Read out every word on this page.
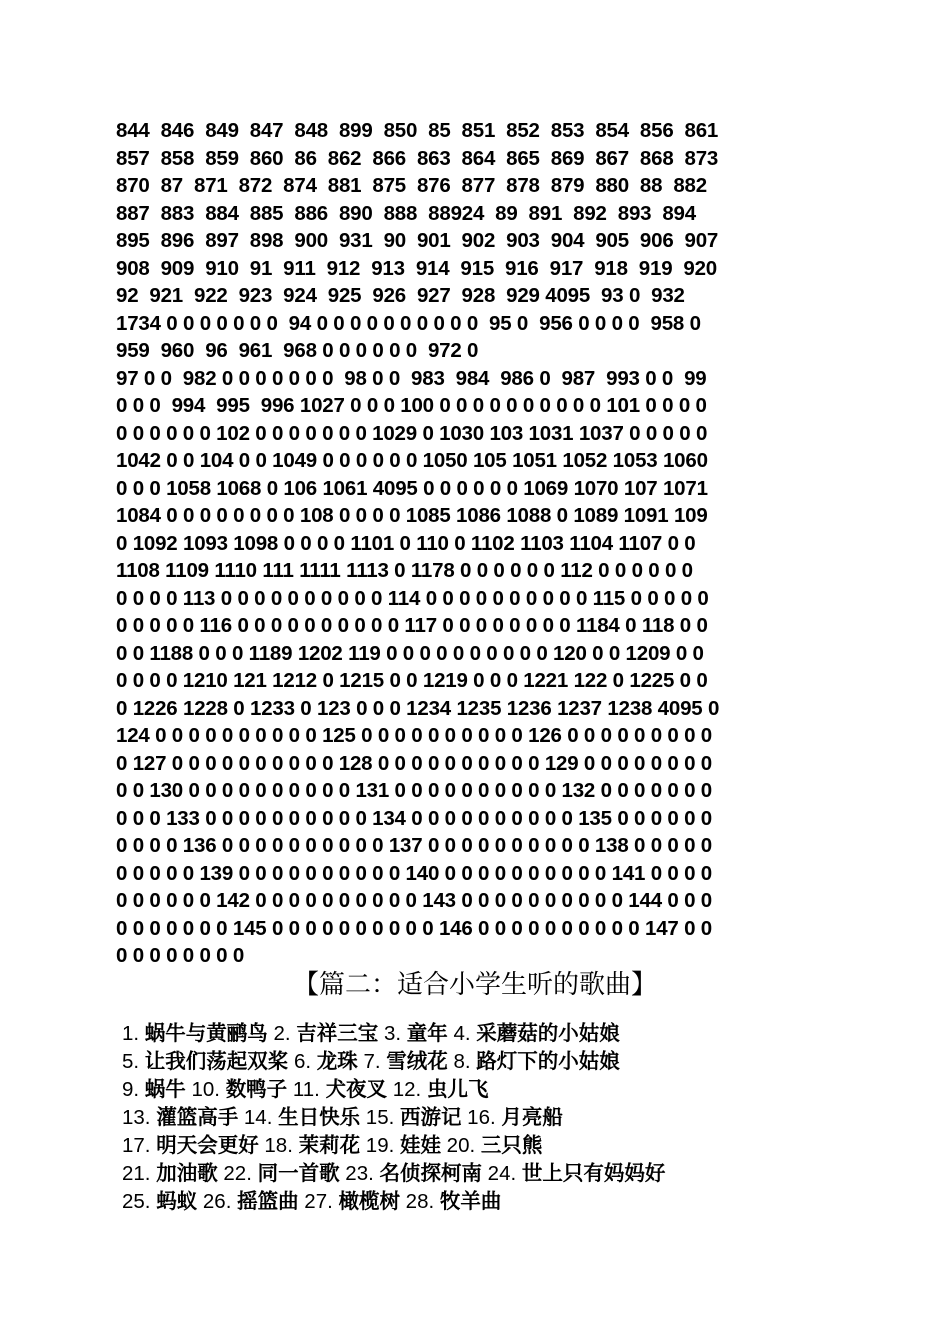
844  846  849  847  848  899  850  85  851  852  853  854  856  861
857  858  859  860  86  862  866  863  864  865  869  867  868  873
870  87  871  872  874  881  875  876  877  878  879  880  88  882
887  883  884  885  886  890  888  88924  89  891  892  893  894
895  896  897  898  900  931  90  901  902  903  904  905  906  907
908  909  910  91  911  912  913  914  915  916  917  918  919  920
92  921  922  923  924  925  926  927  928  929 4095  93 0  932
1734 0 0 0 0 0 0 0  94 0 0 0 0 0 0 0 0 0 0  95 0  956 0 0 0 0  958 0
959  960  96  961  968 0 0 0 0 0 0  972 0
97 0 0  982 0 0 0 0 0 0 0  98 0 0  983  984  986 0  987  993 0 0  99
0 0 0  994  995  996 1027 0 0 0 100 0 0 0 0 0 0 0 0 0 0 101 0 0 0 0
0 0 0 0 0 0 102 0 0 0 0 0 0 0 1029 0 1030 103 1031 1037 0 0 0 0 0
1042 0 0 104 0 0 1049 0 0 0 0 0 0 1050 105 1051 1052 1053 1060
0 0 0 1058 1068 0 106 1061 4095 0 0 0 0 0 0 1069 1070 107 1071
1084 0 0 0 0 0 0 0 0 108 0 0 0 0 1085 1086 1088 0 1089 1091 109
0 1092 1093 1098 0 0 0 0 1101 0 110 0 1102 1103 1104 1107 0 0
1108 1109 1110 111 1111 1113 0 1178 0 0 0 0 0 0 112 0 0 0 0 0 0
0 0 0 0 113 0 0 0 0 0 0 0 0 0 0 114 0 0 0 0 0 0 0 0 0 0 115 0 0 0 0 0
0 0 0 0 0 116 0 0 0 0 0 0 0 0 0 0 117 0 0 0 0 0 0 0 0 1184 0 118 0 0
0 0 1188 0 0 0 1189 1202 119 0 0 0 0 0 0 0 0 0 0 120 0 0 1209 0 0
0 0 0 0 1210 121 1212 0 1215 0 0 1219 0 0 0 1221 122 0 1225 0 0
0 1226 1228 0 1233 0 123 0 0 0 1234 1235 1236 1237 1238 4095 0
124 0 0 0 0 0 0 0 0 0 0 125 0 0 0 0 0 0 0 0 0 0 126 0 0 0 0 0 0 0 0 0
0 127 0 0 0 0 0 0 0 0 0 0 128 0 0 0 0 0 0 0 0 0 0 129 0 0 0 0 0 0 0 0
0 0 130 0 0 0 0 0 0 0 0 0 0 131 0 0 0 0 0 0 0 0 0 0 132 0 0 0 0 0 0 0
0 0 0 133 0 0 0 0 0 0 0 0 0 0 134 0 0 0 0 0 0 0 0 0 0 135 0 0 0 0 0 0
0 0 0 0 136 0 0 0 0 0 0 0 0 0 0 137 0 0 0 0 0 0 0 0 0 0 138 0 0 0 0 0
0 0 0 0 0 139 0 0 0 0 0 0 0 0 0 0 140 0 0 0 0 0 0 0 0 0 0 141 0 0 0 0
0 0 0 0 0 0 142 0 0 0 0 0 0 0 0 0 0 143 0 0 0 0 0 0 0 0 0 0 144 0 0 0
0 0 0 0 0 0 0 145 0 0 0 0 0 0 0 0 0 0 146 0 0 0 0 0 0 0 0 0 0 147 0 0
0 0 0 0 0 0 0 0
【篇二：适合小学生听的歌曲】
1. 蜗牛与黄鹂鸟 2. 吉祥三宝 3. 童年 4. 采蘑菇的小姑娘
5. 让我们荡起双桨 6. 龙珠 7. 雪绒花 8. 路灯下的小姑娘
9. 蜗牛 10. 数鸭子 11. 犬夜叉 12. 虫儿飞
13. 灌篮高手 14. 生日快乐 15. 西游记 16. 月亮船
17. 明天会更好 18. 茉莉花 19. 娃娃 20. 三只熊
21. 加油歌 22. 同一首歌 23. 名侦探柯南 24. 世上只有妈妈好
25. 蚂蚁 26. 摇篮曲 27. 橄榄树 28. 牧羊曲
